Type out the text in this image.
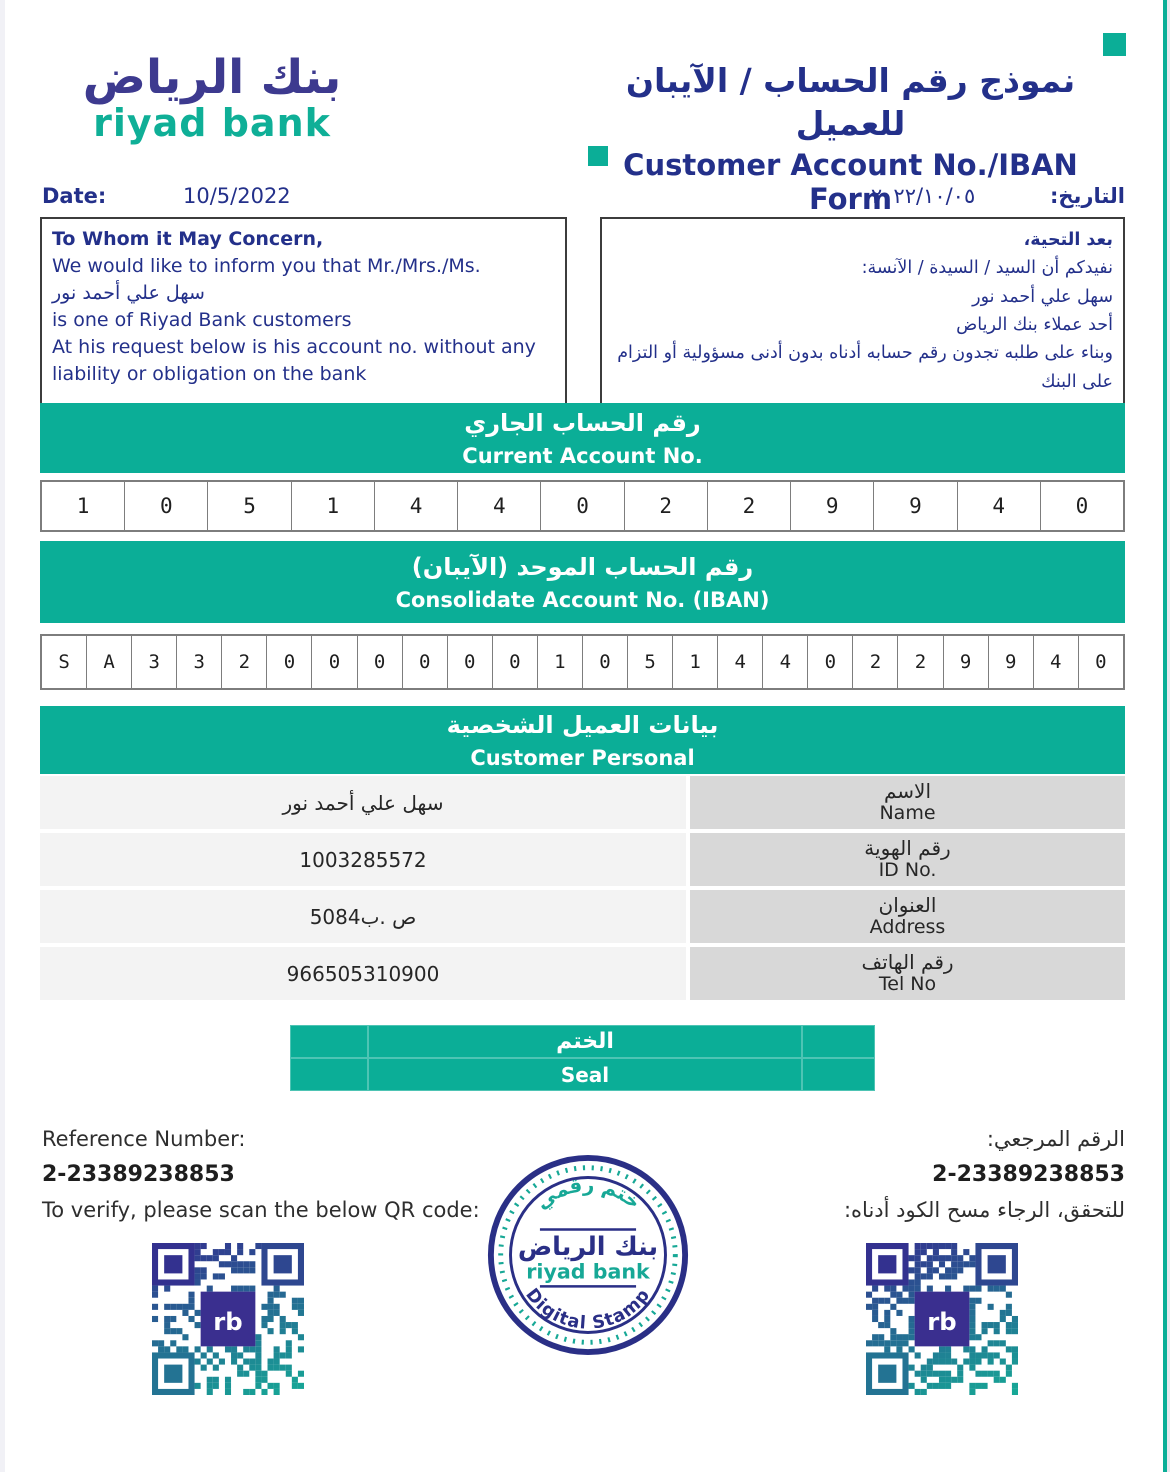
بنك الرياض
riyad bank
نموذج رقم الحساب / الآيبان للعميل
Customer Account No./IBAN Form
Date:	10/5/2022	التاريخ: ٢٠٢٢/١٠/٠٥
To Whom it May Concern,
We would like to inform you that Mr./Mrs./Ms.
سهل علي أحمد نور
is one of Riyad Bank customers
At his request below is his account no. without any liability or obligation on the bank
بعد التحية،
نفيدكم أن السيد / السيدة / الآنسة:
سهل علي أحمد نور
أحد عملاء بنك الرياض
وبناء على طلبه تجدون رقم حسابه أدناه بدون أدنى مسؤولية أو التزام على البنك
رقم الحساب الجاري
Current Account No.
1	0	5	1	4	4	0	2	2	9	9	4	0
رقم الحساب الموحد (الآيبان)
Consolidate Account No. (IBAN)
S	A	3	3	2	0	0	0	0	0	0	1	0	5	1	4	4	0	2	2	9	9	4	0
بيانات العميل الشخصية
Customer Personal
سهل علي أحمد نور	الاسم
Name
1003285572	رقم الهوية
ID No.
ص .ب5084	العنوان
Address
966505310900	رقم الهاتف
Tel No
الختم
Seal
Reference Number:
2-23389238853
To verify, please scan the below QR code:
الرقم المرجعي:
2-23389238853
للتحقق، الرجاء مسح الكود أدناه:
rb	rb
ختم رقمي
بنك الرياض
riyad bank
Digital Stamp
